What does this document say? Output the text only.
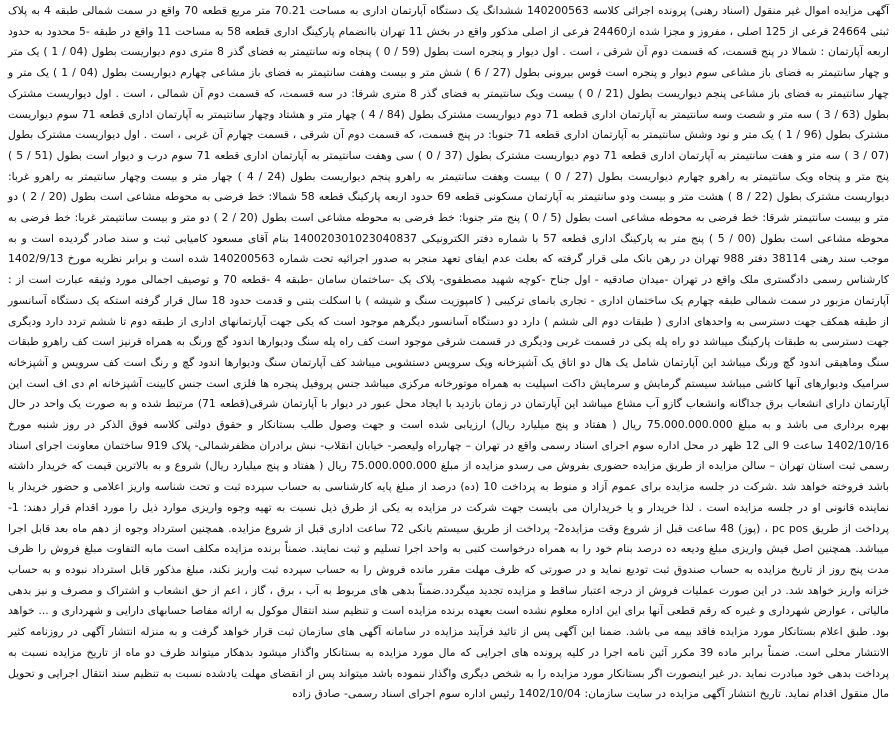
آگهی مزایده اموال غیر منقول (اسناد رهنی) پرونده اجرائی کلاسه 140200563 ششدانگ یک دستگاه آپارتمان اداری به مساحت 70.21 متر مربع قطعه 70 واقع در سمت شمالی طبقه 4 به پلاک ثبتی 24664 فرعی از 125 اصلی ، مفروز و مجزا شده از24460 فرعی از اصلی مذکور واقع در بخش 11 تهران باانضمام پارکینگ اداری قطعه 58 به مساحت 11 واقع در طبقه -5 محدود به حدود اربعه آپارتمان : شمالا در پنج قسمت، که قسمت دوم آن شرقی ، است . اول دیوار و پنجره است بطول (59 / 0 ) پنجاه ونه سانتیمتر به فضای گذر 8 متری دوم دیواریست بطول (04 / 1 ) یک متر و چهار سانتیمتر به فضای باز مشاعی سوم دیوار و پنجره است قوس بیرونی بطول (27 / 6 ) شش متر و بیست وهفت سانتیمتر به فضای باز مشاعی چهارم دیواریست بطول (04 / 1 ) یک متر و چهار سانتیمتر به فضای باز مشاعی پنجم دیواریست بطول (21 / 0 ) بیست ویک سانتیمتر به فضای گذر 8 متری شرقا: در سه قسمت، که قسمت دوم آن شمالی ، است . اول دیواریست مشترک بطول (63 / 3 ) سه متر و شصت وسه سانتیمتر به آپارتمان اداری قطعه 71 دوم دیواریست مشترک بطول (84 / 4 ) چهار متر و هشتاد وچهار سانتیمتر به آپارتمان اداری قطعه 71 سوم دیواریست مشترک بطول (96 / 1 ) یک متر و نود وشش سانتیمتر به آپارتمان اداری قطعه 71 جنوبا: در پنج قسمت، که قسمت دوم آن شرقی ، قسمت چهارم آن غربی ، است . اول دیواریست مشترک بطول (07 / 3 ) سه متر و هفت سانتیمتر به آپارتمان اداری قطعه 71 دوم دیواریست مشترک بطول (37 / 0 ) سی وهفت سانتیمتر به آپارتمان اداری قطعه 71 سوم درب و دیوار است بطول (51 / 5 ) پنج متر و پنجاه ویک سانتیمتر به راهرو چهارم دیواریست بطول (27 / 0 ) بیست وهفت سانتیمتر به راهرو پنجم دیواریست بطول (24 / 4 ) چهار متر و بیست وچهار سانتیمتر به راهرو غربا: دیواریست مشترک بطول (22 / 8 ) هشت متر و بیست ودو سانتیمتر به آپارتمان مسکونی قطعه 69 حدود اربعه پارکینگ قطعه 58 شمالا: خط فرضی به محوطه مشاعی است بطول (20 / 2 ) دو متر و بیست سانتیمتر شرقا: خط فرضی به محوطه مشاعی است بطول (5 / 0 ) پنج متر جنوبا: خط فرضی به محوطه مشاعی است بطول (20 / 2 ) دو متر و بیست سانتیمتر غربا: خط فرضی به محوطه مشاعی است بطول (00 / 5 ) پنج متر به پارکینگ اداری قطعه 57 با شماره دفتر الکترونیکی 140020301023040837 بنام آقای مسعود کامیابی ثبت و سند صادر گردیده است و به موجب سند رهنی 38114 دفتر 988 تهران در رهن بانک ملی قرار گرفته که بعلت عدم ایفای تعهد منجر به صدور اجرائیه تحت شماره 140200563 شده است و برابر نظریه مورخ 1402/9/13 کارشناس رسمی دادگستری ملک واقع در تهران -میدان صادقیه - اول جناح -کوچه شهید مصطفوی- پلاک یک -ساختمان سامان -طبقه 4 -قطعه 70 و توصیف اجمالی مورد وثیقه عبارت است از : آپارتمان مزبور در سمت شمالی طبقه چهارم یک ساختمان اداری - تجاری بانمای ترکیبی ( کامپوزیت سنگ و شیشه ) با اسکلت بتنی و قدمت حدود 18 سال قرار گرفته استکه یک دستگاه آسانسور از طبقه همکف جهت دسترسی به واحدهای اداری ( طبقات دوم الی ششم ) دارد دو دستگاه آسانسور دیگرهم موجود است که یکی جهت آپارتمانهای اداری از طبقه دوم تا ششم تردد دارد ودیگری جهت دسترسی به طبقات پارکینگ میباشد دو راه پله یکی در قسمت غربی ودیگری در قسمت شرقی موجود است کف راه پله سنگ ودیوارها اندود گچ ورنگ به همراه قرنیز است کف راهرو طبقات سنگ وماهیقی اندود گچ ورنگ میباشد این آپارتمان شامل یک هال دو اتاق یک آشپزخانه ویک سرویس دستشویی میباشد کف آپارتمان سنگ ودیوارها اندود گچ و رنگ است کف سرویس و آشپزخانه سرامیک ودیوارهای آنها کاشی میباشد سیستم گرمایش و سرمایش داکت اسپلیت به همراه موتورخانه مرکزی میباشد جنس پروفیل پنجره ها فلزی است جنس کابینت آشپزخانه ام دی اف است این آپارتمان دارای انشعاب برق جداگانه وانشعاب گازو آب مشاع میباشد این آپارتمان در زمان بازدید با ایجاد محل عبور در دیوار با آپارتمان شرقی(قطعه 71) مرتبط شده و به صورت یک واحد در حال بهره برداری می باشد و به مبلغ 75.000.000.000 ریال ( هفتاد و پنج میلیارد ریال) ارزیابی شده است و جهت وصول طلب بستانکار و حقوق دولتی کلاسه فوق الذکر در روز شنبه مورخ 1402/10/16 ساعت 9 الی 12 ظهر در محل اداره سوم اجرای اسناد رسمی واقع در تهران – چهارراه ولیعصر- خیابان انقلاب- نبش برادران مظفرشمالی- پلاک 919 ساختمان معاونت اجرای اسناد رسمی ثبت استان تهران – سالن مزایده از طریق مزایده حضوری بفروش می رسدو مزایده از مبلغ 75.000.000.000 ریال ( هفتاد و پنج میلیارد ریال) شروع و به بالاترین قیمت که خریدار داشته باشد فروخته خواهد شد .شرکت در جلسه مزایده برای عموم آزاد و منوط به پرداخت 10 (ده) درصد از مبلغ پایه کارشناسی به حساب سپرده ثبت و تحت شناسه واریز اعلامی و حضور خریدار یا نماینده قانونی او در جلسه مزایده است . لذا خریدار و یا خریداران می بایست جهت شرکت در مزایده به یکی از طرق ذیل نسبت به تهیه وجوه واریزی موارد ذیل را مورد اقدام قرار دهند: 1- پرداخت از طریق pc pos ، (پوز) 48 ساعت قبل از شروع وقت مزایده2- پرداخت از طریق سیستم بانکی 72 ساعت اداری قبل از شروع مزایده. همچنین استرداد وجوه از دهم ماه بعد قابل اجرا میباشد. همچنین اصل فیش واریزی مبلغ ودیعه ده درصد بنام خود را به همراه درخواست کتبی به واحد اجرا تسلیم و ثبت نمایند. ضمناً برنده مزایده مکلف است مابه التفاوت مبلغ فروش را ظرف مدت پنج روز از تاریخ مزایده به حساب صندوق ثبت تودیع نماید و در صورتی که ظرف مهلت مقرر مانده فروش را به حساب سپرده ثبت واریز نکند، مبلغ مذکور قابل استرداد نبوده و به حساب خزانه واریز خواهد شد. در این صورت عملیات فروش از درجه اعتبار ساقط و مزایده تجدید میگردد.ضمناً بدهی های مربوط به آب ، برق ، گاز ، اعم از حق انشعاب و اشتراک و مصرف و نیز بدهی مالیاتی ، عوارض شهرداری و غیره که رقم قطعی آنها برای این اداره معلوم نشده است بعهده برنده مزایده است و تنظیم سند انتقال موکول به ارائه مفاصا حسابهای دارایی و شهرداری و ... خواهد بود. طبق اعلام بستانکار مورد مزایده فاقد بیمه می باشد. ضمنا این آگهی پس از تائید فرآیند مزایده در سامانه آگهی های سازمان ثبت قرار خواهد گرفت و به منزله انتشار آگهی در روزنامه کثیر الانتشار محلی است. ضمناً برابر ماده 39 مکرر آئین نامه اجرا در کلیه پرونده های اجرایی که مال مورد مزایده به بستانکار واگذار میشود بدهکار میتواند ظرف دو ماه از تاریخ مزایده نسبت به پرداخت بدهی خود مبادرت نماید .در غیر اینصورت اگر بستانکار مورد مزایده را به شخص دیگری واگذار ننموده باشد میتواند پس از انقضای مهلت یادشده نسبت به تنظیم سند انتقال اجرایی و تحویل مال منقول اقدام نماید. تاریخ انتشار آگهی مزایده در سایت سازمان: 1402/10/04 رئیس اداره سوم اجرای اسناد رسمی- صادق زاده
